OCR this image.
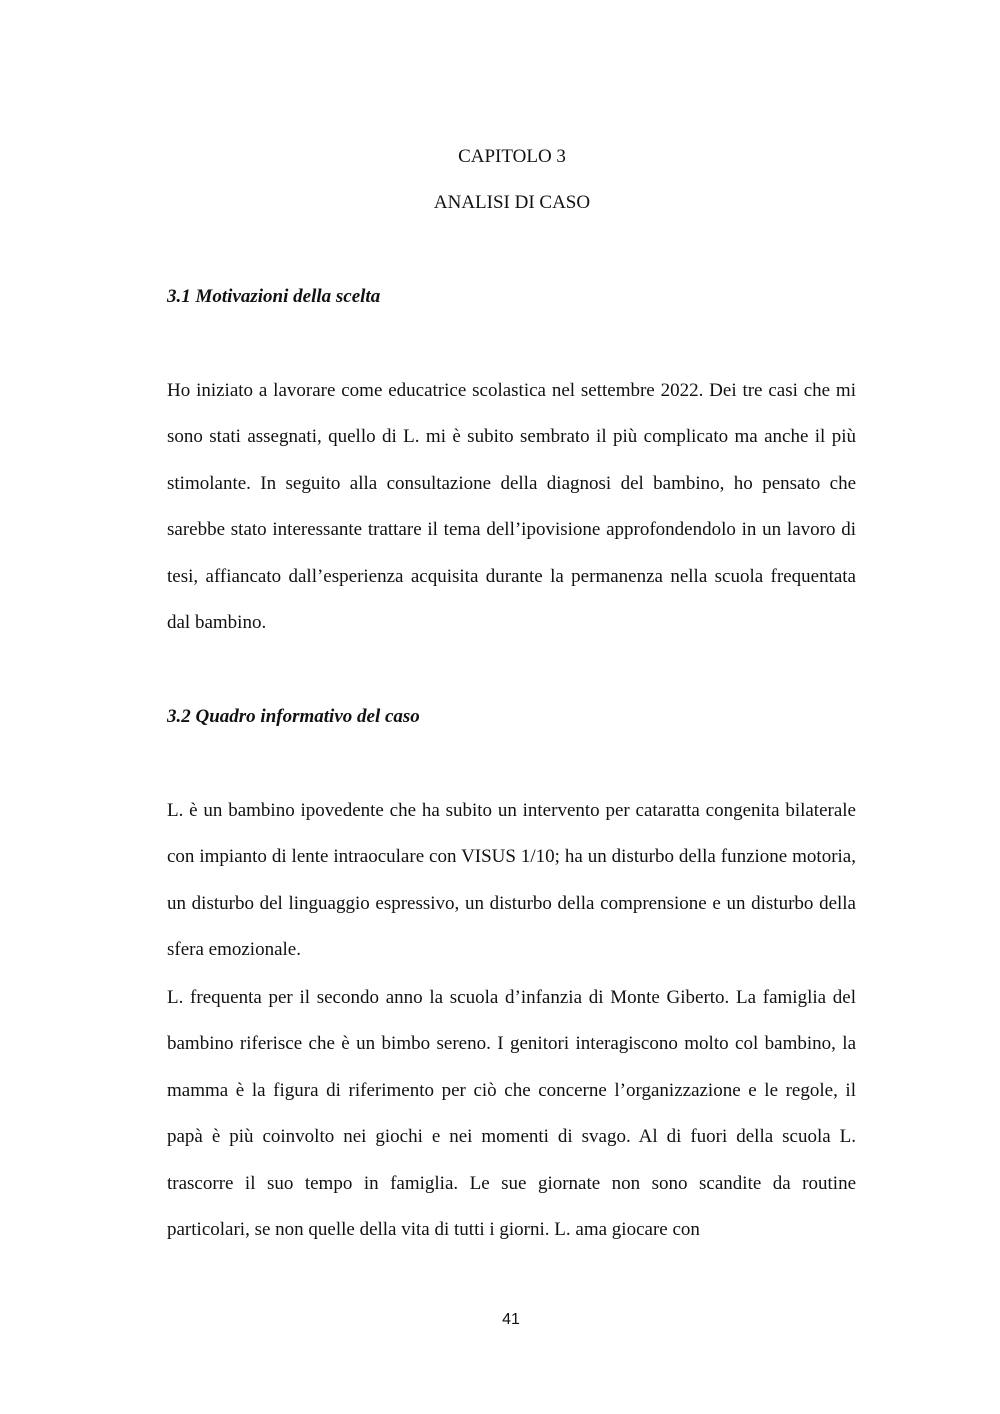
CAPITOLO 3
ANALISI DI CASO
3.1 Motivazioni della scelta

Ho iniziato a lavorare come educatrice scolastica nel settembre 2022. Dei tre casi che mi sono stati assegnati, quello di L. mi è subito sembrato il più complicato ma anche il più stimolante. In seguito alla consultazione della diagnosi del bambino, ho pensato che sarebbe stato interessante trattare il tema dell’ipovisione approfondendolo in un lavoro di tesi, affiancato dall’esperienza acquisita durante la permanenza nella scuola frequentata dal bambino.

3.2 Quadro informativo del caso

L. è un bambino ipovedente che ha subito un intervento per cataratta congenita bilaterale con impianto di lente intraoculare con VISUS 1/10; ha un disturbo della funzione motoria, un disturbo del linguaggio espressivo, un disturbo della comprensione e un disturbo della sfera emozionale.

L. frequenta per il secondo anno la scuola d’infanzia di Monte Giberto. La famiglia del bambino riferisce che è un bimbo sereno. I genitori interagiscono molto col bambino, la mamma è la figura di riferimento per ciò che concerne l’organizzazione e le regole, il papà è più coinvolto nei giochi e nei momenti di svago. Al di fuori della scuola L. trascorre il suo tempo in famiglia. Le sue giornate non sono scandite da routine particolari, se non quelle della vita di tutti i giorni. L. ama giocare con

41
